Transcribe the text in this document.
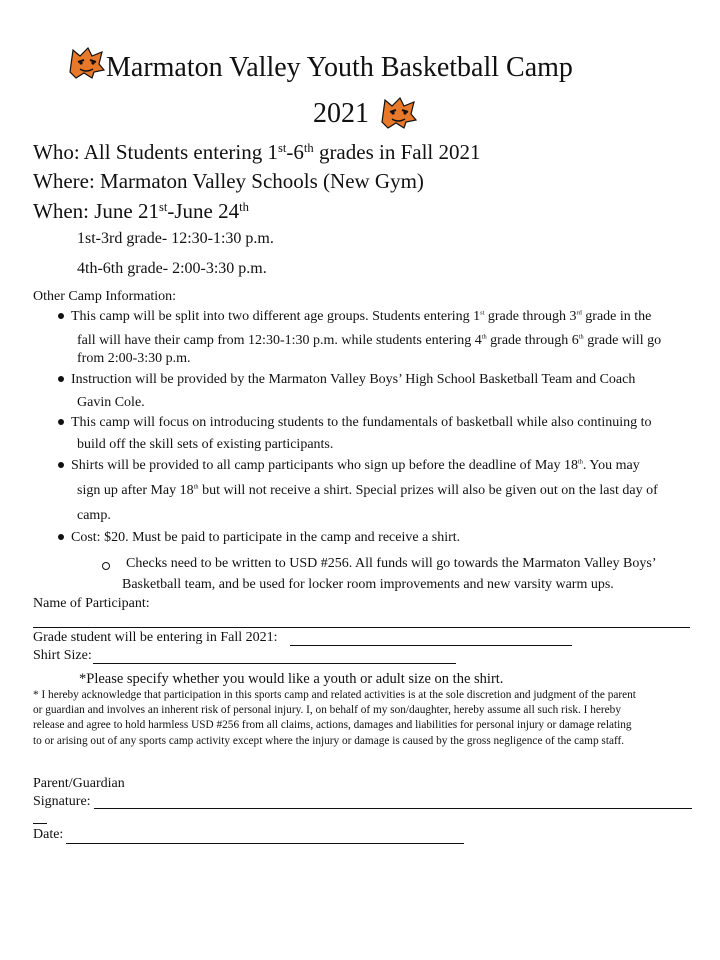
Marmaton Valley Youth Basketball Camp
2021
Who: All Students entering 1st-6th grades in Fall 2021
Where: Marmaton Valley Schools (New Gym)
When: June 21st-June 24th
1st-3rd grade- 12:30-1:30 p.m.
4th-6th grade- 2:00-3:30 p.m.
Other Camp Information:
This camp will be split into two different age groups. Students entering 1st grade through 3rd grade in the
fall will have their camp from 12:30-1:30 p.m. while students entering 4th grade through 6th grade will go
from 2:00-3:30 p.m.
Instruction will be provided by the Marmaton Valley Boys’ High School Basketball Team and Coach
Gavin Cole.
This camp will focus on introducing students to the fundamentals of basketball while also continuing to
build off the skill sets of existing participants.
Shirts will be provided to all camp participants who sign up before the deadline of May 18th. You may
sign up after May 18th but will not receive a shirt. Special prizes will also be given out on the last day of
camp.
Cost: $20. Must be paid to participate in the camp and receive a shirt.
Checks need to be written to USD #256. All funds will go towards the Marmaton Valley Boys’
Basketball team, and be used for locker room improvements and new varsity warm ups.
Name of Participant:
Grade student will be entering in Fall 2021:
Shirt Size:
*Please specify whether you would like a youth or adult size on the shirt.
* I hereby acknowledge that participation in this sports camp and related activities is at the sole discretion and judgment of the parent
or guardian and involves an inherent risk of personal injury. I, on behalf of my son/daughter, hereby assume all such risk. I hereby
release and agree to hold harmless USD #256 from all claims, actions, damages and liabilities for personal injury or damage relating
to or arising out of any sports camp activity except where the injury or damage is caused by the gross negligence of the camp staff.
Parent/Guardian
Signature:
Date:
